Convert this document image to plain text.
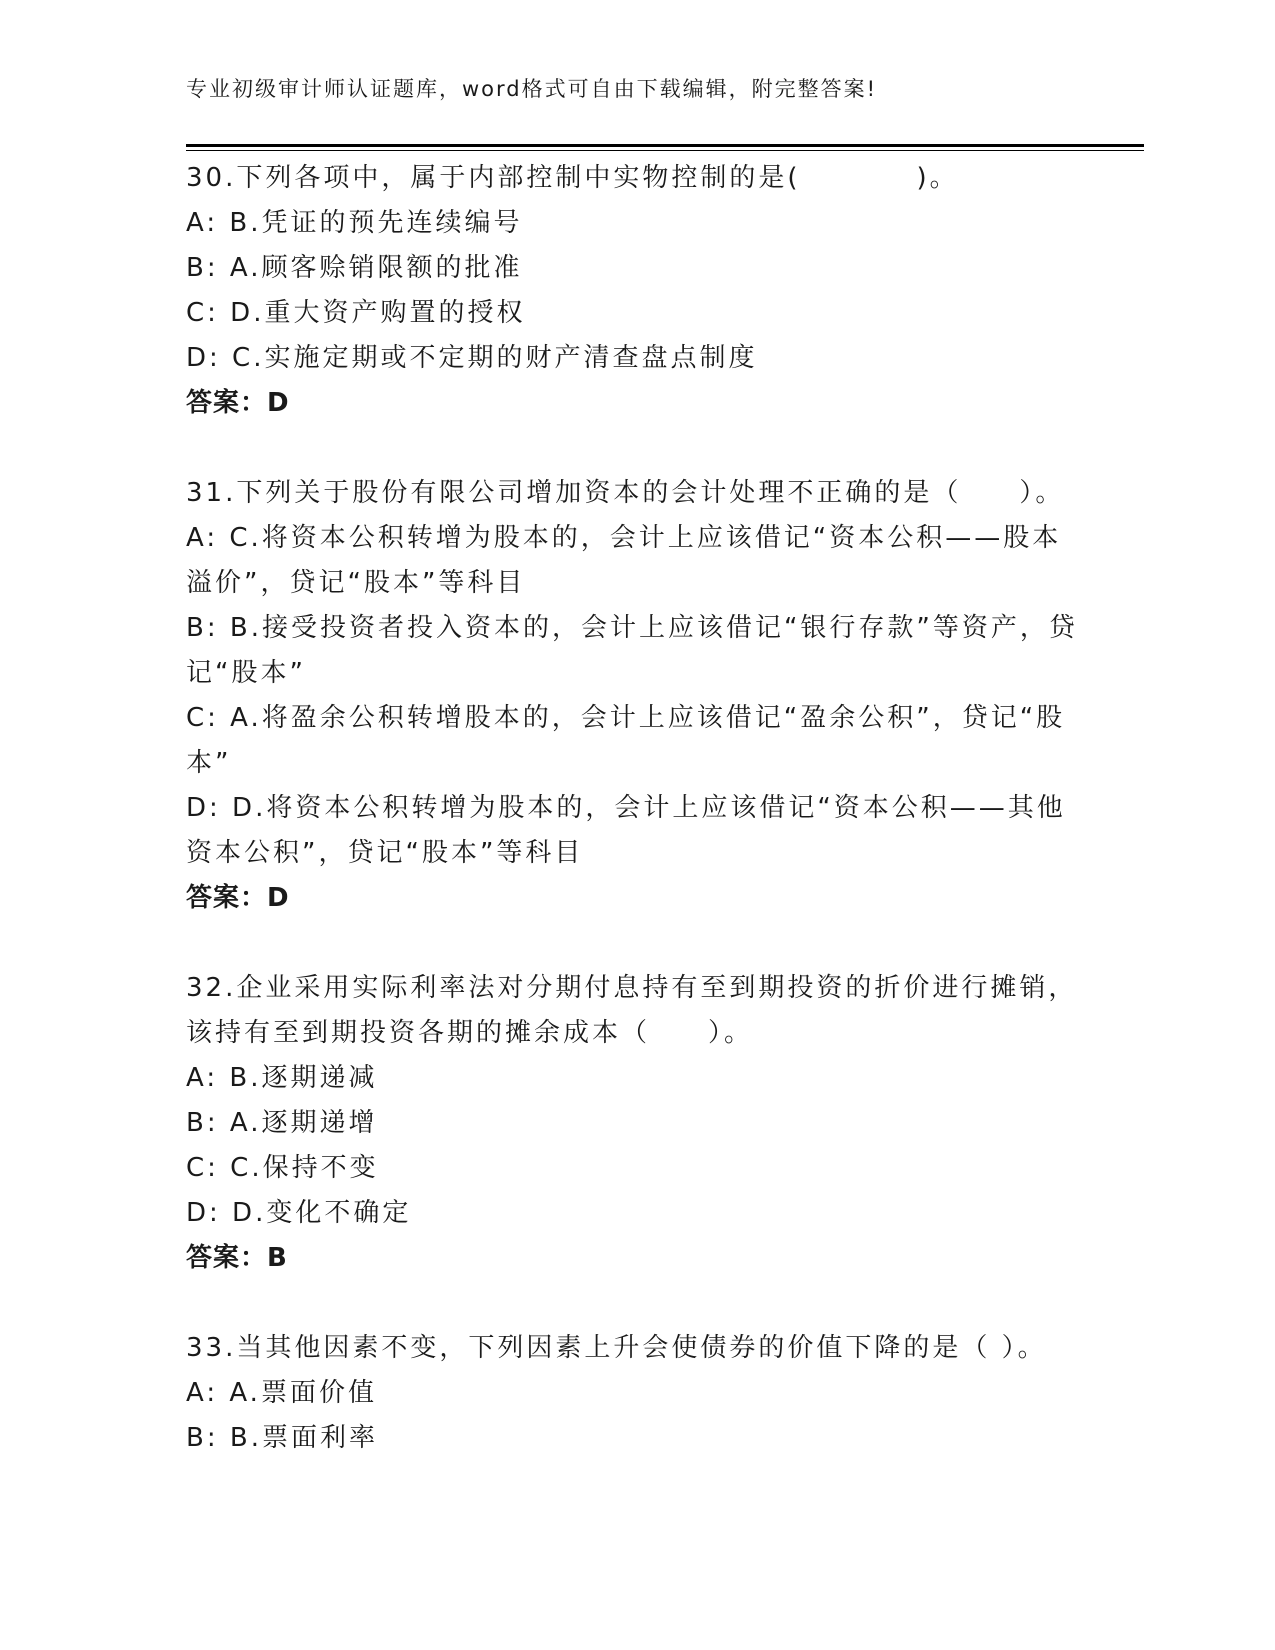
专业初级审计师认证题库，word格式可自由下载编辑，附完整答案!

30.下列各项中，属于内部控制中实物控制的是(　　　　)。

A: B.凭证的预先连续编号

B: A.顾客赊销限额的批准

C: D.重大资产购置的授权

D: C.实施定期或不定期的财产清查盘点制度

答案：D

31.下列关于股份有限公司增加资本的会计处理不正确的是（　　）。

A: C.将资本公积转增为股本的，会计上应该借记“资本公积——股本溢价”，贷记“股本”等科目

B: B.接受投资者投入资本的，会计上应该借记“银行存款”等资产，贷记“股本”

C: A.将盈余公积转增股本的，会计上应该借记“盈余公积”，贷记“股本”

D: D.将资本公积转增为股本的，会计上应该借记“资本公积——其他资本公积”，贷记“股本”等科目

答案：D

32.企业采用实际利率法对分期付息持有至到期投资的折价进行摊销，该持有至到期投资各期的摊余成本（　　）。

A: B.逐期递减

B: A.逐期递增

C: C.保持不变

D: D.变化不确定

答案：B

33.当其他因素不变，下列因素上升会使债券的价值下降的是（ ）。

A: A.票面价值

B: B.票面利率
